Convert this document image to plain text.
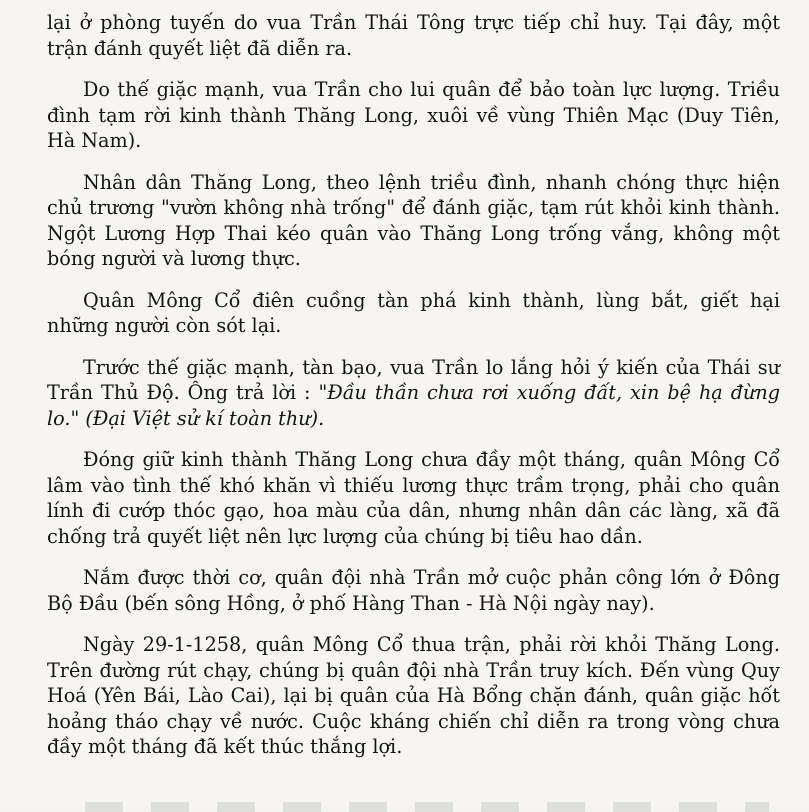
lại ở phòng tuyến do vua Trần Thái Tông trực tiếp chỉ huy. Tại đây, một trận đánh quyết liệt đã diễn ra.

Do thế giặc mạnh, vua Trần cho lui quân để bảo toàn lực lượng. Triều đình tạm rời kinh thành Thăng Long, xuôi về vùng Thiên Mạc (Duy Tiên, Hà Nam).

Nhân dân Thăng Long, theo lệnh triều đình, nhanh chóng thực hiện chủ trương "vườn không nhà trống" để đánh giặc, tạm rút khỏi kinh thành. Ngột Lương Hợp Thai kéo quân vào Thăng Long trống vắng, không một bóng người và lương thực.

Quân Mông Cổ điên cuồng tàn phá kinh thành, lùng bắt, giết hại những người còn sót lại.

Trước thế giặc mạnh, tàn bạo, vua Trần lo lắng hỏi ý kiến của Thái sư Trần Thủ Độ. Ông trả lời : "Đầu thần chưa rơi xuống đất, xin bệ hạ đừng lo." (Đại Việt sử kí toàn thư).

Đóng giữ kinh thành Thăng Long chưa đầy một tháng, quân Mông Cổ lâm vào tình thế khó khăn vì thiếu lương thực trầm trọng, phải cho quân lính đi cướp thóc gạo, hoa màu của dân, nhưng nhân dân các làng, xã đã chống trả quyết liệt nên lực lượng của chúng bị tiêu hao dần.

Nắm được thời cơ, quân đội nhà Trần mở cuộc phản công lớn ở Đông Bộ Đầu (bến sông Hồng, ở phố Hàng Than - Hà Nội ngày nay).

Ngày 29-1-1258, quân Mông Cổ thua trận, phải rời khỏi Thăng Long. Trên đường rút chạy, chúng bị quân đội nhà Trần truy kích. Đến vùng Quy Hoá (Yên Bái, Lào Cai), lại bị quân của Hà Bổng chặn đánh, quân giặc hốt hoảng tháo chạy về nước. Cuộc kháng chiến chỉ diễn ra trong vòng chưa đầy một tháng đã kết thúc thắng lợi.
